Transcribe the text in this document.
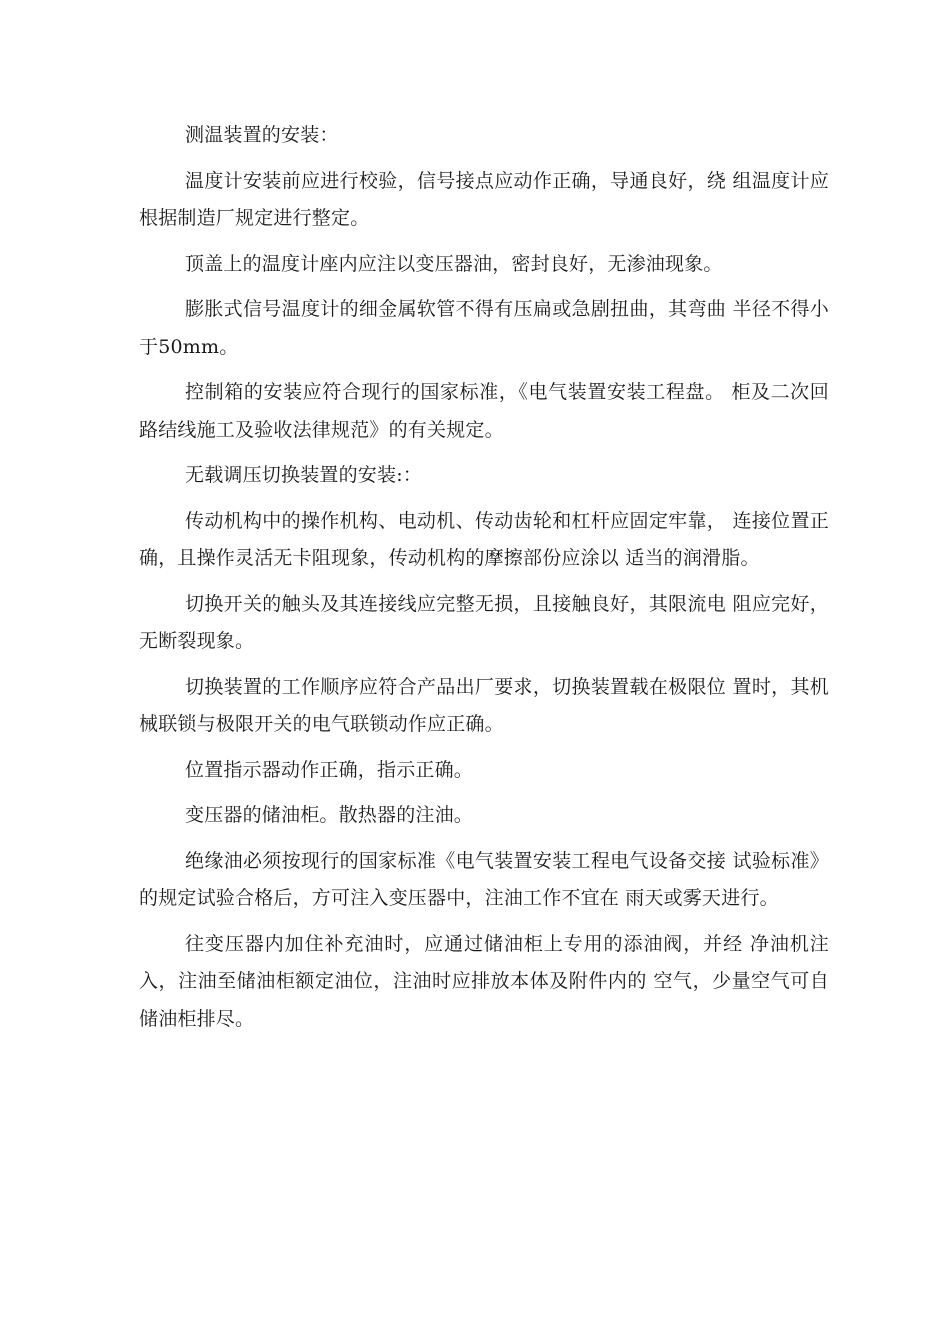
测温装置的安装：

温度计安装前应进行校验，信号接点应动作正确，导通良好，绕 组温度计应根据制造厂规定进行整定。

顶盖上的温度计座内应注以变压器油，密封良好，无渗油现象。

膨胀式信号温度计的细金属软管不得有压扁或急剧扭曲，其弯曲 半径不得小于50mm。

控制箱的安装应符合现行的国家标准，《电气装置安装工程盘。 柜及二次回路结线施工及验收法律规范》的有关规定。

无载调压切换装置的安装:：

传动机构中的操作机构、电动机、传动齿轮和杠杆应固定牢靠， 连接位置正确，且操作灵活无卡阻现象，传动机构的摩擦部份应涂以 适当的润滑脂。

切换开关的触头及其连接线应完整无损，且接触良好，其限流电 阻应完好，无断裂现象。

切换装置的工作顺序应符合产品出厂要求，切换装置载在极限位 置时，其机械联锁与极限开关的电气联锁动作应正确。

位置指示器动作正确，指示正确。

变压器的储油柜。散热器的注油。

绝缘油必须按现行的国家标准《电气装置安装工程电气设备交接 试验标准》的规定试验合格后，方可注入变压器中，注油工作不宜在 雨天或雾天进行。

往变压器内加住补充油时，应通过储油柜上专用的添油阀，并经 净油机注入，注油至储油柜额定油位，注油时应排放本体及附件内的 空气，少量空气可自储油柜排尽。
